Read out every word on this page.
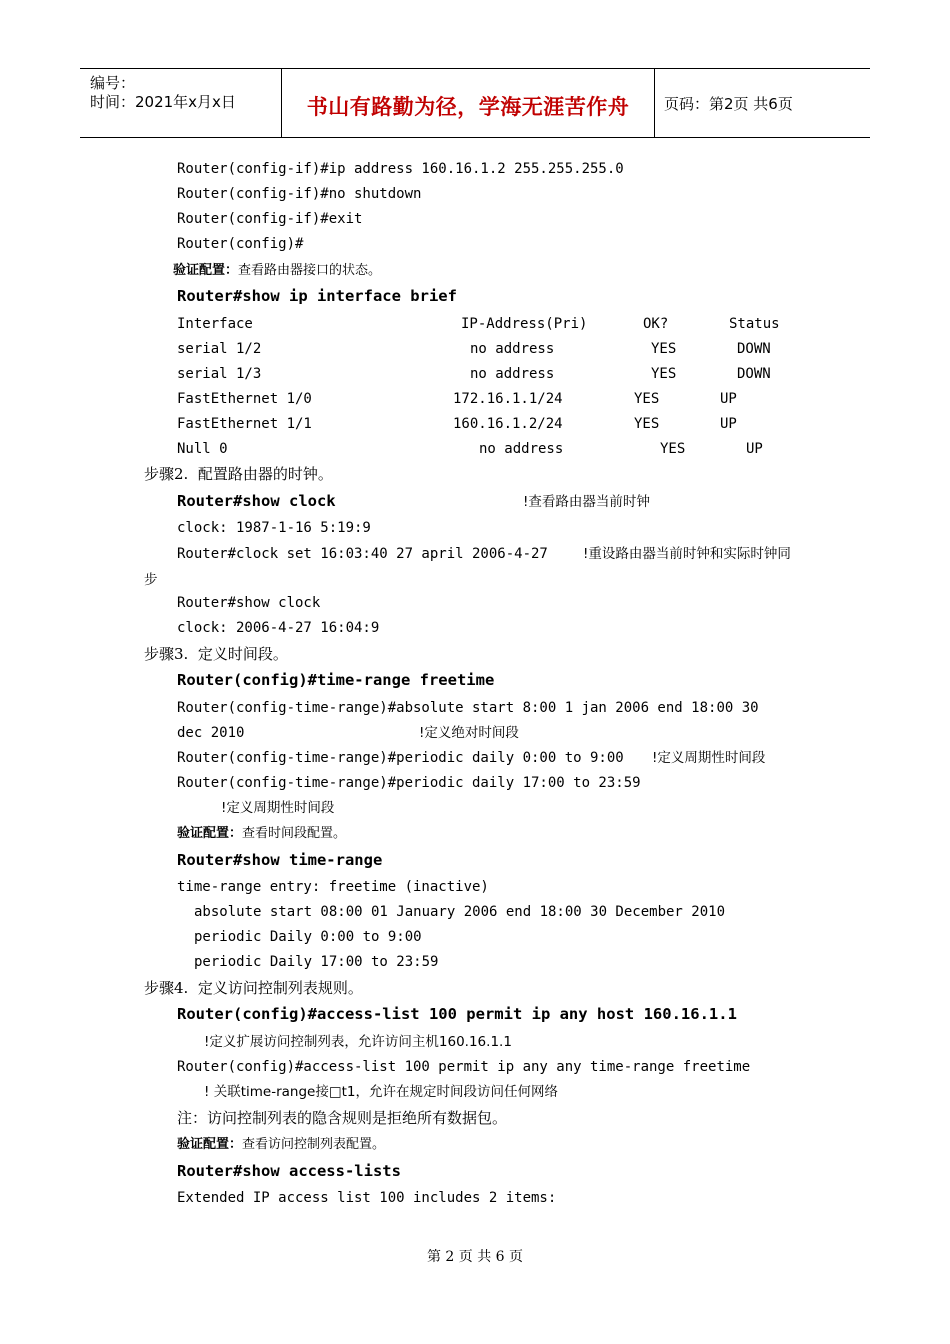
编号：
时间：2021年x月x日	书山有路勤为径，学海无涯苦作舟	页码：第2页 共6页
Router(config-if)#ip address 160.16.1.2 255.255.255.0
Router(config-if)#no shutdown
Router(config-if)#exit
Router(config)#
验证配置：查看路由器接口的状态。
Router#show ip interface brief
Interface	IP-Address(Pri)	OK?	Status
serial 1/2	no address	YES	DOWN
serial 1/3	no address	YES	DOWN
FastEthernet 1/0	172.16.1.1/24	YES	UP
FastEthernet 1/1	160.16.1.2/24	YES	UP
Null 0	no address	YES	UP
步骤2.  配置路由器的时钟。
Router#show clock	!查看路由器当前时钟
clock: 1987-1-16 5:19:9
Router#clock set 16:03:40 27 april 2006-4-27	!重设路由器当前时钟和实际时钟同
步
Router#show clock
clock: 2006-4-27 16:04:9
步骤3.  定义时间段。
Router(config)#time-range freetime
Router(config-time-range)#absolute start 8:00 1 jan 2006 end 18:00 30
dec 2010	!定义绝对时间段
Router(config-time-range)#periodic daily 0:00 to 9:00 !定义周期性时间段
Router(config-time-range)#periodic daily 17:00 to 23:59
!定义周期性时间段
验证配置：查看时间段配置。
Router#show time-range
time-range entry: freetime (inactive)
absolute start 08:00 01 January 2006 end 18:00 30 December 2010
periodic Daily 0:00 to 9:00
periodic Daily 17:00 to 23:59
步骤4.  定义访问控制列表规则。
Router(config)#access-list 100 permit ip any host 160.16.1.1
!定义扩展访问控制列表，允许访问主机160.16.1.1
Router(config)#access-list 100 permit ip any any time-range freetime
! 关联time-range接□t1，允许在规定时间段访问任何网络
注：访问控制列表的隐含规则是拒绝所有数据包。
验证配置：查看访问控制列表配置。
Router#show access-lists
Extended IP access list 100 includes 2 items:
第 2 页 共 6 页
